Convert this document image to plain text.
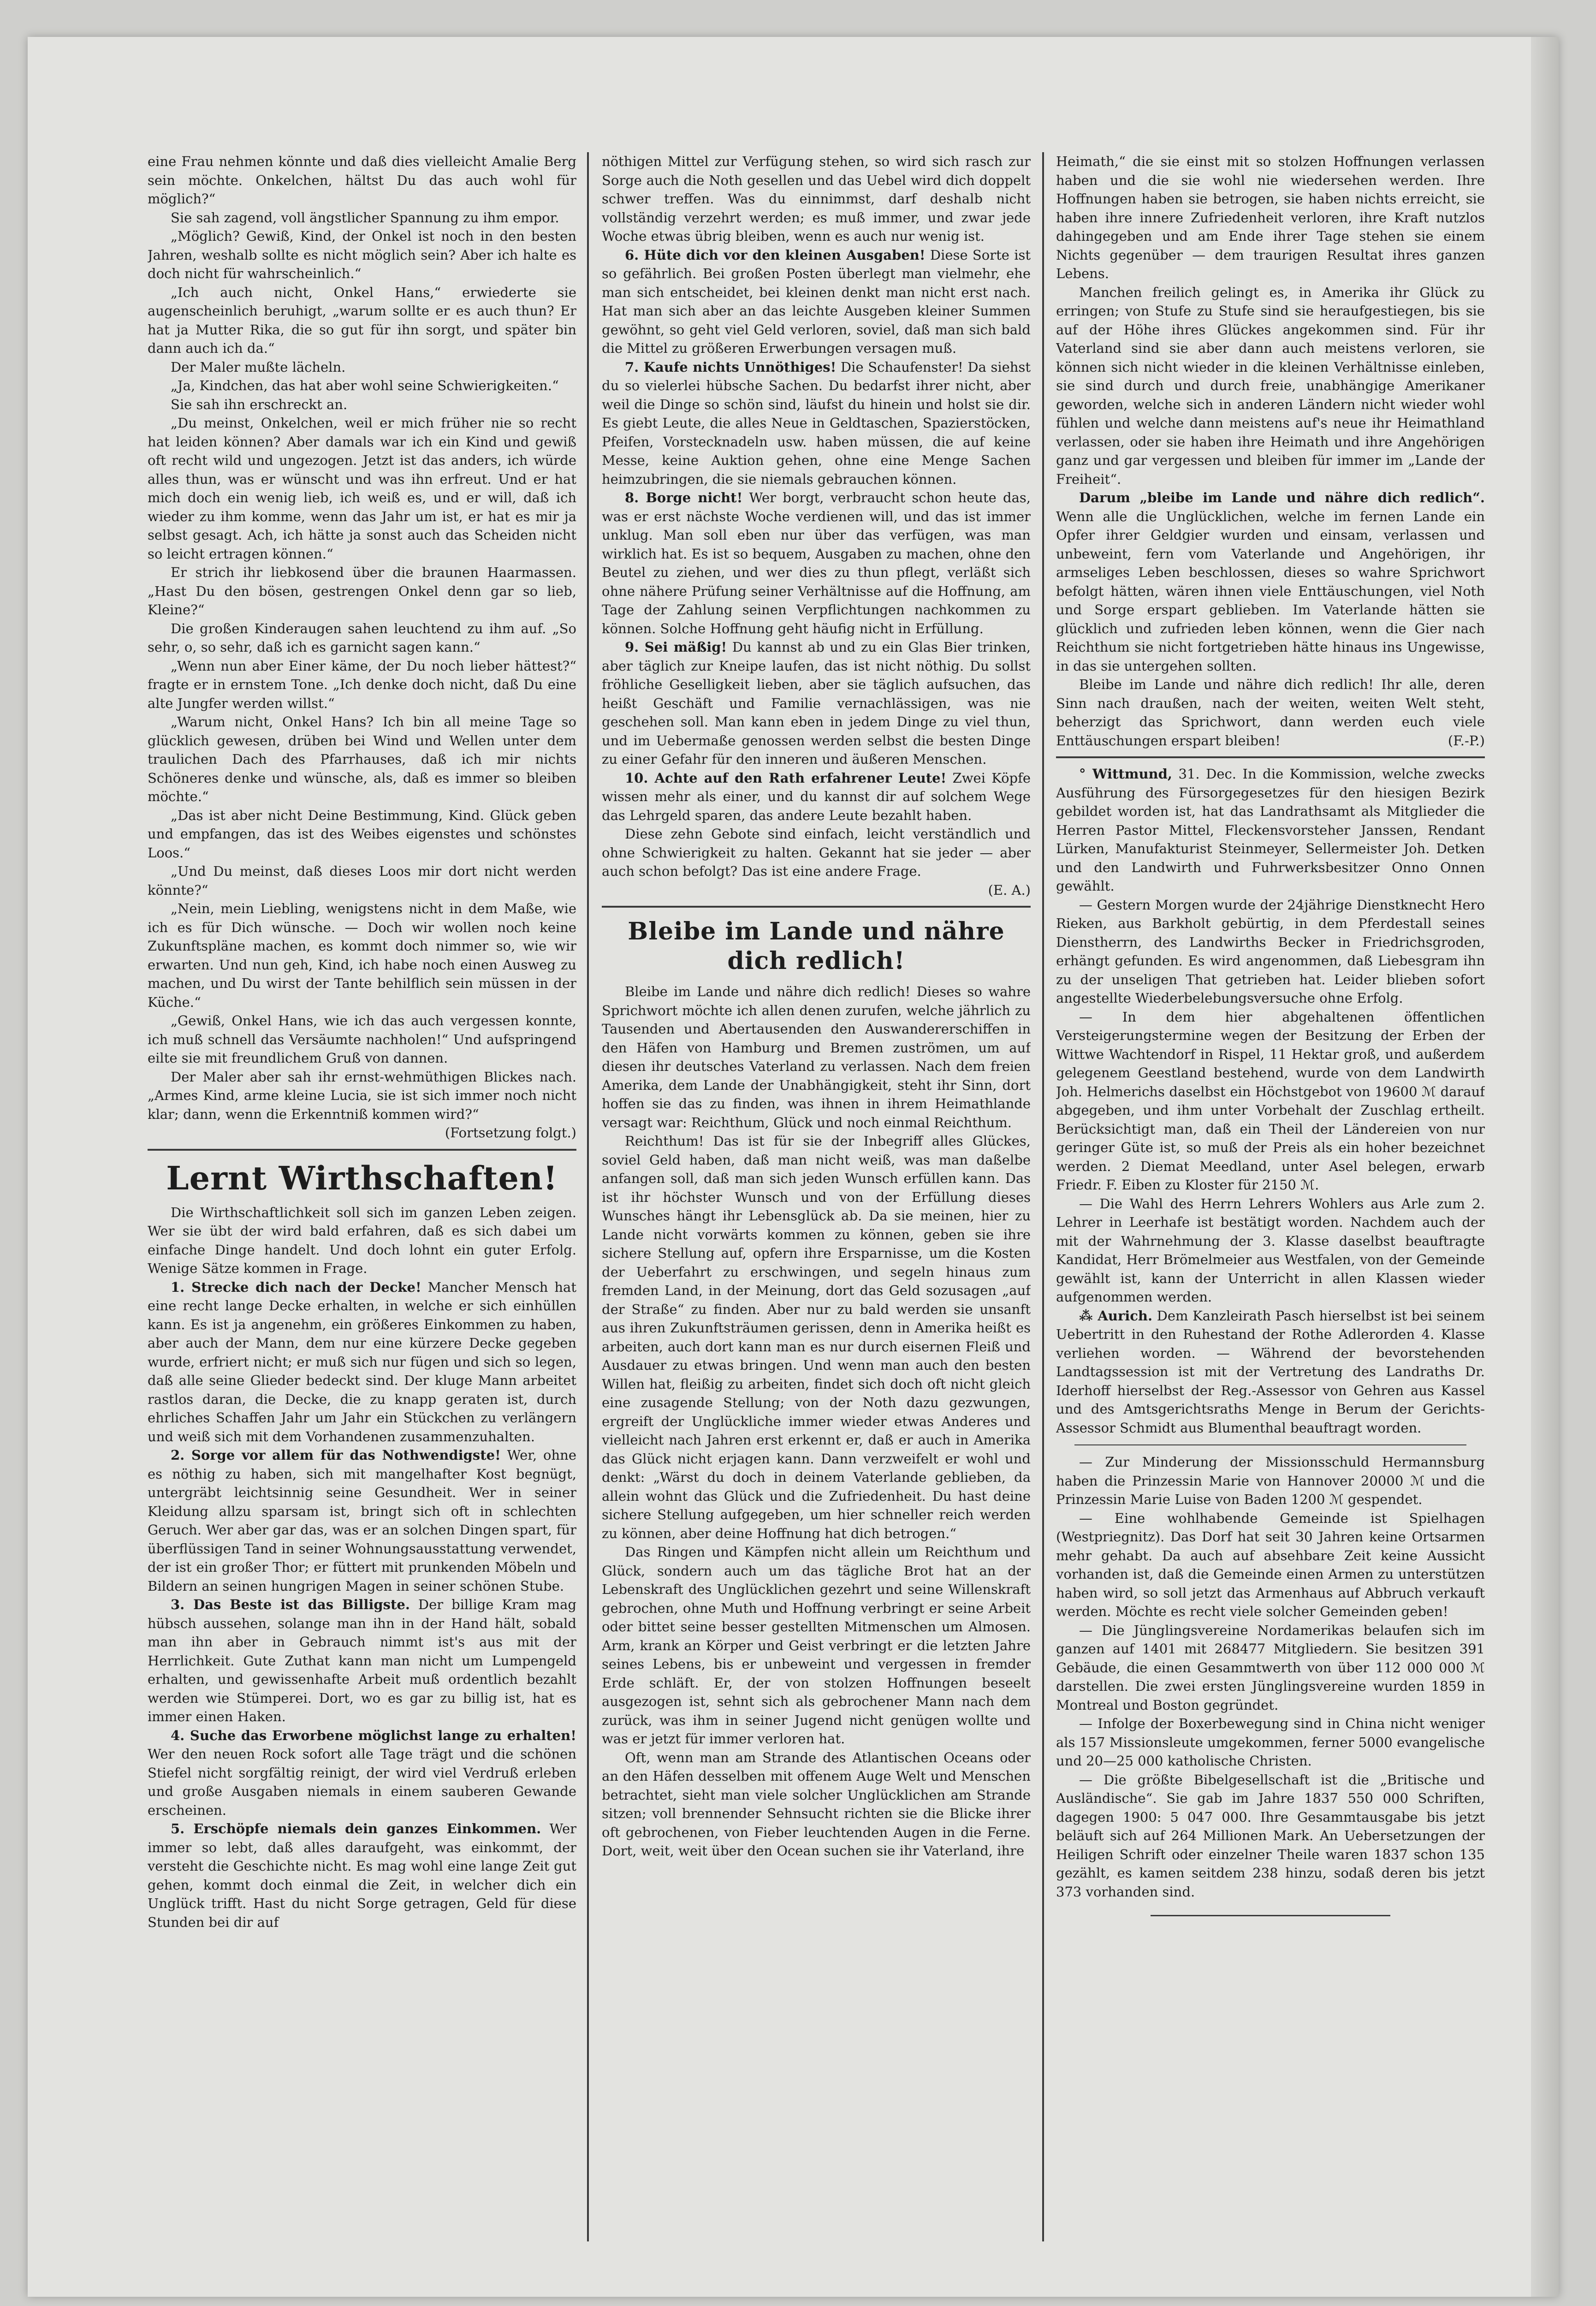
eine Frau nehmen könnte und daß dies vielleicht Amalie Berg sein möchte. Onkelchen, hältst Du das auch wohl für möglich?“

Sie sah zagend, voll ängstlicher Spannung zu ihm empor.

„Möglich? Gewiß, Kind, der Onkel ist noch in den besten Jahren, weshalb sollte es nicht möglich sein? Aber ich halte es doch nicht für wahrscheinlich.“

„Ich auch nicht, Onkel Hans,“ erwiederte sie augenscheinlich beruhigt, „warum sollte er es auch thun? Er hat ja Mutter Rika, die so gut für ihn sorgt, und später bin dann auch ich da.“

Der Maler mußte lächeln.

„Ja, Kindchen, das hat aber wohl seine Schwierigkeiten.“

Sie sah ihn erschreckt an.

„Du meinst, Onkelchen, weil er mich früher nie so recht hat leiden können? Aber damals war ich ein Kind und gewiß oft recht wild und ungezogen. Jetzt ist das anders, ich würde alles thun, was er wünscht und was ihn erfreut. Und er hat mich doch ein wenig lieb, ich weiß es, und er will, daß ich wieder zu ihm komme, wenn das Jahr um ist, er hat es mir ja selbst gesagt. Ach, ich hätte ja sonst auch das Scheiden nicht so leicht ertragen können.“

Er strich ihr liebkosend über die braunen Haarmassen. „Hast Du den bösen, gestrengen Onkel denn gar so lieb, Kleine?“

Die großen Kinderaugen sahen leuchtend zu ihm auf. „So sehr, o, so sehr, daß ich es garnicht sagen kann.“

„Wenn nun aber Einer käme, der Du noch lieber hättest?“ fragte er in ernstem Tone. „Ich denke doch nicht, daß Du eine alte Jungfer werden willst.“

„Warum nicht, Onkel Hans? Ich bin all meine Tage so glücklich gewesen, drüben bei Wind und Wellen unter dem traulichen Dach des Pfarrhauses, daß ich mir nichts Schöneres denke und wünsche, als, daß es immer so bleiben möchte.“

„Das ist aber nicht Deine Bestimmung, Kind. Glück geben und empfangen, das ist des Weibes eigenstes und schönstes Loos.“

„Und Du meinst, daß dieses Loos mir dort nicht werden könnte?“

„Nein, mein Liebling, wenigstens nicht in dem Maße, wie ich es für Dich wünsche. — Doch wir wollen noch keine Zukunftspläne machen, es kommt doch nimmer so, wie wir erwarten. Und nun geh, Kind, ich habe noch einen Ausweg zu machen, und Du wirst der Tante behilflich sein müssen in der Küche.“

„Gewiß, Onkel Hans, wie ich das auch vergessen konnte, ich muß schnell das Versäumte nachholen!“ Und aufspringend eilte sie mit freundlichem Gruß von dannen.

Der Maler aber sah ihr ernst-wehmüthigen Blickes nach. „Armes Kind, arme kleine Lucia, sie ist sich immer noch nicht klar; dann, wenn die Erkenntniß kommen wird?“

(Fortsetzung folgt.)

Lernt Wirthschaften!

Die Wirthschaftlichkeit soll sich im ganzen Leben zeigen. Wer sie übt der wird bald erfahren, daß es sich dabei um einfache Dinge handelt. Und doch lohnt ein guter Erfolg. Wenige Sätze kommen in Frage.

1. Strecke dich nach der Decke! Mancher Mensch hat eine recht lange Decke erhalten, in welche er sich einhüllen kann. Es ist ja angenehm, ein größeres Einkommen zu haben, aber auch der Mann, dem nur eine kürzere Decke gegeben wurde, erfriert nicht; er muß sich nur fügen und sich so legen, daß alle seine Glieder bedeckt sind. Der kluge Mann arbeitet rastlos daran, die Decke, die zu knapp geraten ist, durch ehrliches Schaffen Jahr um Jahr ein Stückchen zu verlängern und weiß sich mit dem Vorhandenen zusammenzuhalten.

2. Sorge vor allem für das Nothwendigste! Wer, ohne es nöthig zu haben, sich mit mangelhafter Kost begnügt, untergräbt leichtsinnig seine Gesundheit. Wer in seiner Kleidung allzu sparsam ist, bringt sich oft in schlechten Geruch. Wer aber gar das, was er an solchen Dingen spart, für überflüssigen Tand in seiner Wohnungsausstattung verwendet, der ist ein großer Thor; er füttert mit prunkenden Möbeln und Bildern an seinen hungrigen Magen in seiner schönen Stube.

3. Das Beste ist das Billigste. Der billige Kram mag hübsch aussehen, solange man ihn in der Hand hält, sobald man ihn aber in Gebrauch nimmt ist's aus mit der Herrlichkeit. Gute Zuthat kann man nicht um Lumpengeld erhalten, und gewissenhafte Arbeit muß ordentlich bezahlt werden wie Stümperei. Dort, wo es gar zu billig ist, hat es immer einen Haken.

4. Suche das Erworbene möglichst lange zu erhalten! Wer den neuen Rock sofort alle Tage trägt und die schönen Stiefel nicht sorgfältig reinigt, der wird viel Verdruß erleben und große Ausgaben niemals in einem sauberen Gewande erscheinen.

5. Erschöpfe niemals dein ganzes Einkommen. Wer immer so lebt, daß alles daraufgeht, was einkommt, der versteht die Geschichte nicht. Es mag wohl eine lange Zeit gut gehen, kommt doch einmal die Zeit, in welcher dich ein Unglück trifft. Hast du nicht Sorge getragen, Geld für diese Stunden bei dir auf

nöthigen Mittel zur Verfügung stehen, so wird sich rasch zur Sorge auch die Noth gesellen und das Uebel wird dich doppelt schwer treffen. Was du einnimmst, darf deshalb nicht vollständig verzehrt werden; es muß immer, und zwar jede Woche etwas übrig bleiben, wenn es auch nur wenig ist.

6. Hüte dich vor den kleinen Ausgaben! Diese Sorte ist so gefährlich. Bei großen Posten überlegt man vielmehr, ehe man sich entscheidet, bei kleinen denkt man nicht erst nach. Hat man sich aber an das leichte Ausgeben kleiner Summen gewöhnt, so geht viel Geld verloren, soviel, daß man sich bald die Mittel zu größeren Erwerbungen versagen muß.

7. Kaufe nichts Unnöthiges! Die Schaufenster! Da siehst du so vielerlei hübsche Sachen. Du bedarfst ihrer nicht, aber weil die Dinge so schön sind, läufst du hinein und holst sie dir. Es giebt Leute, die alles Neue in Geldtaschen, Spazierstöcken, Pfeifen, Vorstecknadeln usw. haben müssen, die auf keine Messe, keine Auktion gehen, ohne eine Menge Sachen heimzubringen, die sie niemals gebrauchen können.

8. Borge nicht! Wer borgt, verbraucht schon heute das, was er erst nächste Woche verdienen will, und das ist immer unklug. Man soll eben nur über das verfügen, was man wirklich hat. Es ist so bequem, Ausgaben zu machen, ohne den Beutel zu ziehen, und wer dies zu thun pflegt, verläßt sich ohne nähere Prüfung seiner Verhältnisse auf die Hoffnung, am Tage der Zahlung seinen Verpflichtungen nachkommen zu können. Solche Hoffnung geht häufig nicht in Erfüllung.

9. Sei mäßig! Du kannst ab und zu ein Glas Bier trinken, aber täglich zur Kneipe laufen, das ist nicht nöthig. Du sollst fröhliche Geselligkeit lieben, aber sie täglich aufsuchen, das heißt Geschäft und Familie vernachlässigen, was nie geschehen soll. Man kann eben in jedem Dinge zu viel thun, und im Uebermaße genossen werden selbst die besten Dinge zu einer Gefahr für den inneren und äußeren Menschen.

10. Achte auf den Rath erfahrener Leute! Zwei Köpfe wissen mehr als einer, und du kannst dir auf solchem Wege das Lehrgeld sparen, das andere Leute bezahlt haben.

Diese zehn Gebote sind einfach, leicht verständlich und ohne Schwierigkeit zu halten. Gekannt hat sie jeder — aber auch schon befolgt? Das ist eine andere Frage.

(E. A.)

Bleibe im Lande und nähre dich redlich!

Bleibe im Lande und nähre dich redlich! Dieses so wahre Sprichwort möchte ich allen denen zurufen, welche jährlich zu Tausenden und Abertausenden den Auswandererschiffen in den Häfen von Hamburg und Bremen zuströmen, um auf diesen ihr deutsches Vaterland zu verlassen. Nach dem freien Amerika, dem Lande der Unabhängigkeit, steht ihr Sinn, dort hoffen sie das zu finden, was ihnen in ihrem Heimathlande versagt war: Reichthum, Glück und noch einmal Reichthum.

Reichthum! Das ist für sie der Inbegriff alles Glückes, soviel Geld haben, daß man nicht weiß, was man daßelbe anfangen soll, daß man sich jeden Wunsch erfüllen kann. Das ist ihr höchster Wunsch und von der Erfüllung dieses Wunsches hängt ihr Lebensglück ab. Da sie meinen, hier zu Lande nicht vorwärts kommen zu können, geben sie ihre sichere Stellung auf, opfern ihre Ersparnisse, um die Kosten der Ueberfahrt zu erschwingen, und segeln hinaus zum fremden Land, in der Meinung, dort das Geld sozusagen „auf der Straße“ zu finden. Aber nur zu bald werden sie unsanft aus ihren Zukunftsträumen gerissen, denn in Amerika heißt es arbeiten, auch dort kann man es nur durch eisernen Fleiß und Ausdauer zu etwas bringen. Und wenn man auch den besten Willen hat, fleißig zu arbeiten, findet sich doch oft nicht gleich eine zusagende Stellung; von der Noth dazu gezwungen, ergreift der Unglückliche immer wieder etwas Anderes und vielleicht nach Jahren erst erkennt er, daß er auch in Amerika das Glück nicht erjagen kann. Dann verzweifelt er wohl und denkt: „Wärst du doch in deinem Vaterlande geblieben, da allein wohnt das Glück und die Zufriedenheit. Du hast deine sichere Stellung aufgegeben, um hier schneller reich werden zu können, aber deine Hoffnung hat dich betrogen.“

Das Ringen und Kämpfen nicht allein um Reichthum und Glück, sondern auch um das tägliche Brot hat an der Lebenskraft des Unglücklichen gezehrt und seine Willenskraft gebrochen, ohne Muth und Hoffnung verbringt er seine Arbeit oder bittet seine besser gestellten Mitmenschen um Almosen. Arm, krank an Körper und Geist verbringt er die letzten Jahre seines Lebens, bis er unbeweint und vergessen in fremder Erde schläft. Er, der von stolzen Hoffnungen beseelt ausgezogen ist, sehnt sich als gebrochener Mann nach dem zurück, was ihm in seiner Jugend nicht genügen wollte und was er jetzt für immer verloren hat.

Oft, wenn man am Strande des Atlantischen Oceans oder an den Häfen desselben mit offenem Auge Welt und Menschen betrachtet, sieht man viele solcher Unglücklichen am Strande sitzen; voll brennender Sehnsucht richten sie die Blicke ihrer oft gebrochenen, von Fieber leuchtenden Augen in die Ferne. Dort, weit, weit über den Ocean suchen sie ihr Vaterland, ihre

Heimath,“ die sie einst mit so stolzen Hoffnungen verlassen haben und die sie wohl nie wiedersehen werden. Ihre Hoffnungen haben sie betrogen, sie haben nichts erreicht, sie haben ihre innere Zufriedenheit verloren, ihre Kraft nutzlos dahingegeben und am Ende ihrer Tage stehen sie einem Nichts gegenüber — dem traurigen Resultat ihres ganzen Lebens.

Manchen freilich gelingt es, in Amerika ihr Glück zu erringen; von Stufe zu Stufe sind sie heraufgestiegen, bis sie auf der Höhe ihres Glückes angekommen sind. Für ihr Vaterland sind sie aber dann auch meistens verloren, sie können sich nicht wieder in die kleinen Verhältnisse einleben, sie sind durch und durch freie, unabhängige Amerikaner geworden, welche sich in anderen Ländern nicht wieder wohl fühlen und welche dann meistens auf's neue ihr Heimathland verlassen, oder sie haben ihre Heimath und ihre Angehörigen ganz und gar vergessen und bleiben für immer im „Lande der Freiheit“.

Darum „bleibe im Lande und nähre dich redlich“. Wenn alle die Unglücklichen, welche im fernen Lande ein Opfer ihrer Geldgier wurden und einsam, verlassen und unbeweint, fern vom Vaterlande und Angehörigen, ihr armseliges Leben beschlossen, dieses so wahre Sprichwort befolgt hätten, wären ihnen viele Enttäuschungen, viel Noth und Sorge erspart geblieben. Im Vaterlande hätten sie glücklich und zufrieden leben können, wenn die Gier nach Reichthum sie nicht fortgetrieben hätte hinaus ins Ungewisse, in das sie untergehen sollten.

Bleibe im Lande und nähre dich redlich! Ihr alle, deren Sinn nach draußen, nach der weiten, weiten Welt steht, beherzigt das Sprichwort, dann werden euch viele Enttäuschungen erspart bleiben!	(F.-P.)

° Wittmund, 31. Dec. In die Kommission, welche zwecks Ausführung des Fürsorgegesetzes für den hiesigen Bezirk gebildet worden ist, hat das Landrathsamt als Mitglieder die Herren Pastor Mittel, Fleckensvorsteher Janssen, Rendant Lürken, Manufakturist Steinmeyer, Sellermeister Joh. Detken und den Landwirth und Fuhrwerksbesitzer Onno Onnen gewählt.

— Gestern Morgen wurde der 24jährige Dienstknecht Hero Rieken, aus Barkholt gebürtig, in dem Pferdestall seines Dienstherrn, des Landwirths Becker in Friedrichsgroden, erhängt gefunden. Es wird angenommen, daß Liebesgram ihn zu der unseligen That getrieben hat. Leider blieben sofort angestellte Wiederbelebungsversuche ohne Erfolg.

— In dem hier abgehaltenen öffentlichen Versteigerungstermine wegen der Besitzung der Erben der Wittwe Wachtendorf in Rispel, 11 Hektar groß, und außerdem gelegenem Geestland bestehend, wurde von dem Landwirth Joh. Helmerichs daselbst ein Höchstgebot von 19600 ℳ darauf abgegeben, und ihm unter Vorbehalt der Zuschlag ertheilt. Berücksichtigt man, daß ein Theil der Ländereien von nur geringer Güte ist, so muß der Preis als ein hoher bezeichnet werden. 2 Diemat Meedland, unter Asel belegen, erwarb Friedr. F. Eiben zu Kloster für 2150 ℳ.

— Die Wahl des Herrn Lehrers Wohlers aus Arle zum 2. Lehrer in Leerhafe ist bestätigt worden. Nachdem auch der mit der Wahrnehmung der 3. Klasse daselbst beauftragte Kandidat, Herr Brömelmeier aus Westfalen, von der Gemeinde gewählt ist, kann der Unterricht in allen Klassen wieder aufgenommen werden.

⁂ Aurich. Dem Kanzleirath Pasch hierselbst ist bei seinem Uebertritt in den Ruhestand der Rothe Adlerorden 4. Klasse verliehen worden. — Während der bevorstehenden Landtagssession ist mit der Vertretung des Landraths Dr. Iderhoff hierselbst der Reg.-Assessor von Gehren aus Kassel und des Amtsgerichtsraths Menge in Berum der Gerichts-Assessor Schmidt aus Blumenthal beauftragt worden.

— Zur Minderung der Missionsschuld Hermannsburg haben die Prinzessin Marie von Hannover 20000 ℳ und die Prinzessin Marie Luise von Baden 1200 ℳ gespendet.

— Eine wohlhabende Gemeinde ist Spielhagen (Westpriegnitz). Das Dorf hat seit 30 Jahren keine Ortsarmen mehr gehabt. Da auch auf absehbare Zeit keine Aussicht vorhanden ist, daß die Gemeinde einen Armen zu unterstützen haben wird, so soll jetzt das Armenhaus auf Abbruch verkauft werden. Möchte es recht viele solcher Gemeinden geben!

— Die Jünglingsvereine Nordamerikas belaufen sich im ganzen auf 1401 mit 268477 Mitgliedern. Sie besitzen 391 Gebäude, die einen Gesammtwerth von über 112 000 000 ℳ darstellen. Die zwei ersten Jünglingsvereine wurden 1859 in Montreal und Boston gegründet.

— Infolge der Boxerbewegung sind in China nicht weniger als 157 Missionsleute umgekommen, ferner 5000 evangelische und 20—25 000 katholische Christen.

— Die größte Bibelgesellschaft ist die „Britische und Ausländische“. Sie gab im Jahre 1837 550 000 Schriften, dagegen 1900: 5 047 000. Ihre Gesammtausgabe bis jetzt beläuft sich auf 264 Millionen Mark. An Uebersetzungen der Heiligen Schrift oder einzelner Theile waren 1837 schon 135 gezählt, es kamen seitdem 238 hinzu, sodaß deren bis jetzt 373 vorhanden sind.
